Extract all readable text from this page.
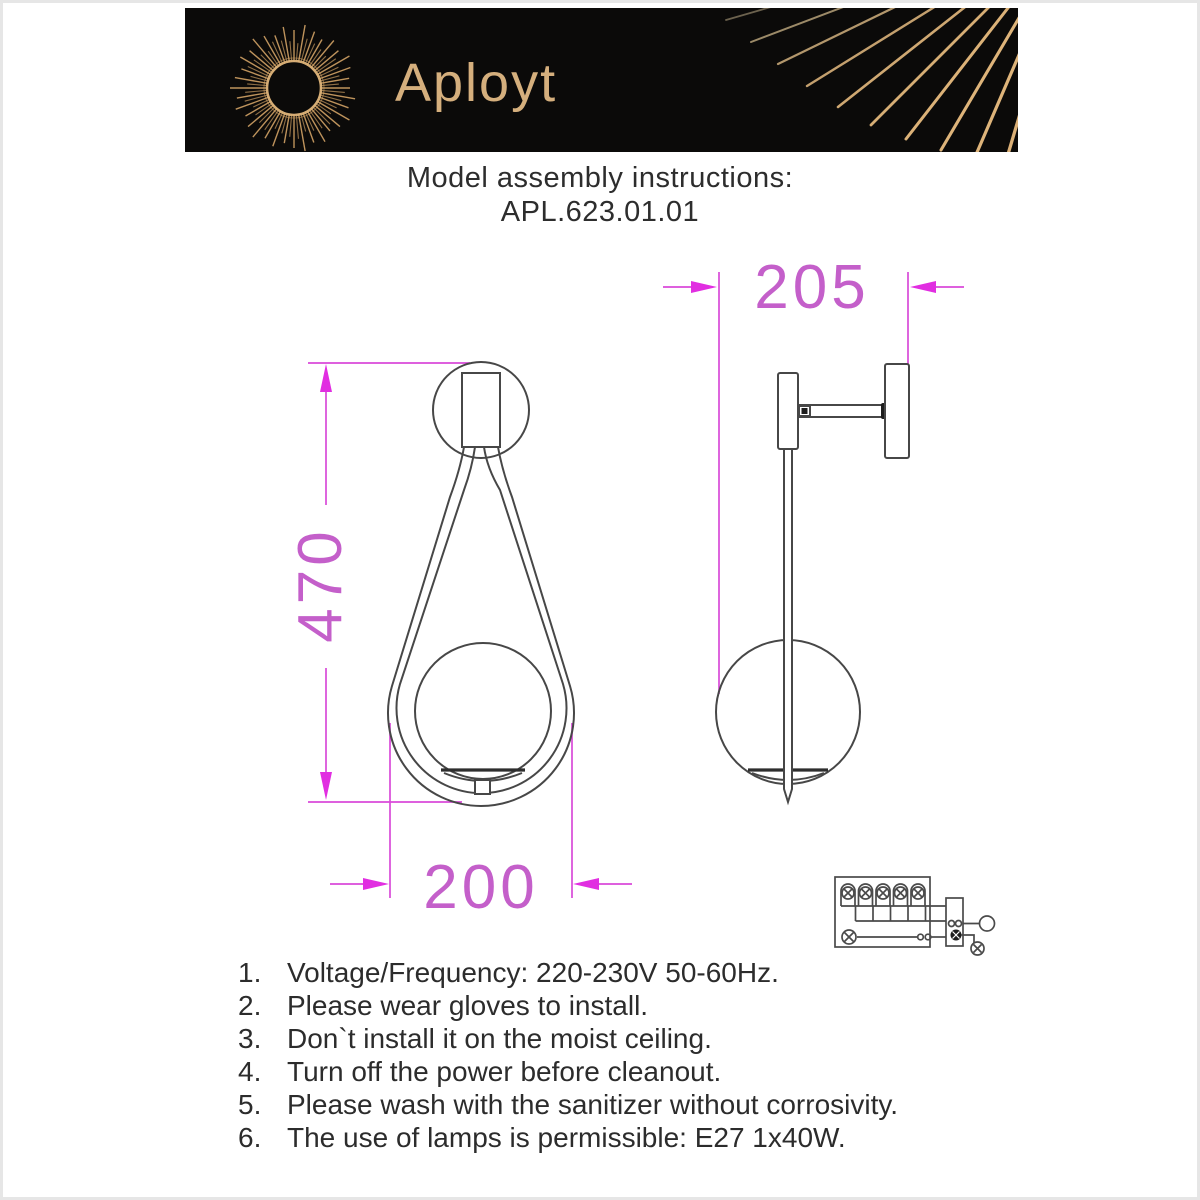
Aployt
Model assembly instructions:
APL.623.01.01
470
200
205
1. Voltage/Frequency: 220-230V 50-60Hz.
2. Please wear gloves to install.
3. Don`t install it on the moist ceiling.
4. Turn off the power before cleanout.
5. Please wash with the sanitizer without corrosivity.
6. The use of lamps is permissible: E27 1x40W.
